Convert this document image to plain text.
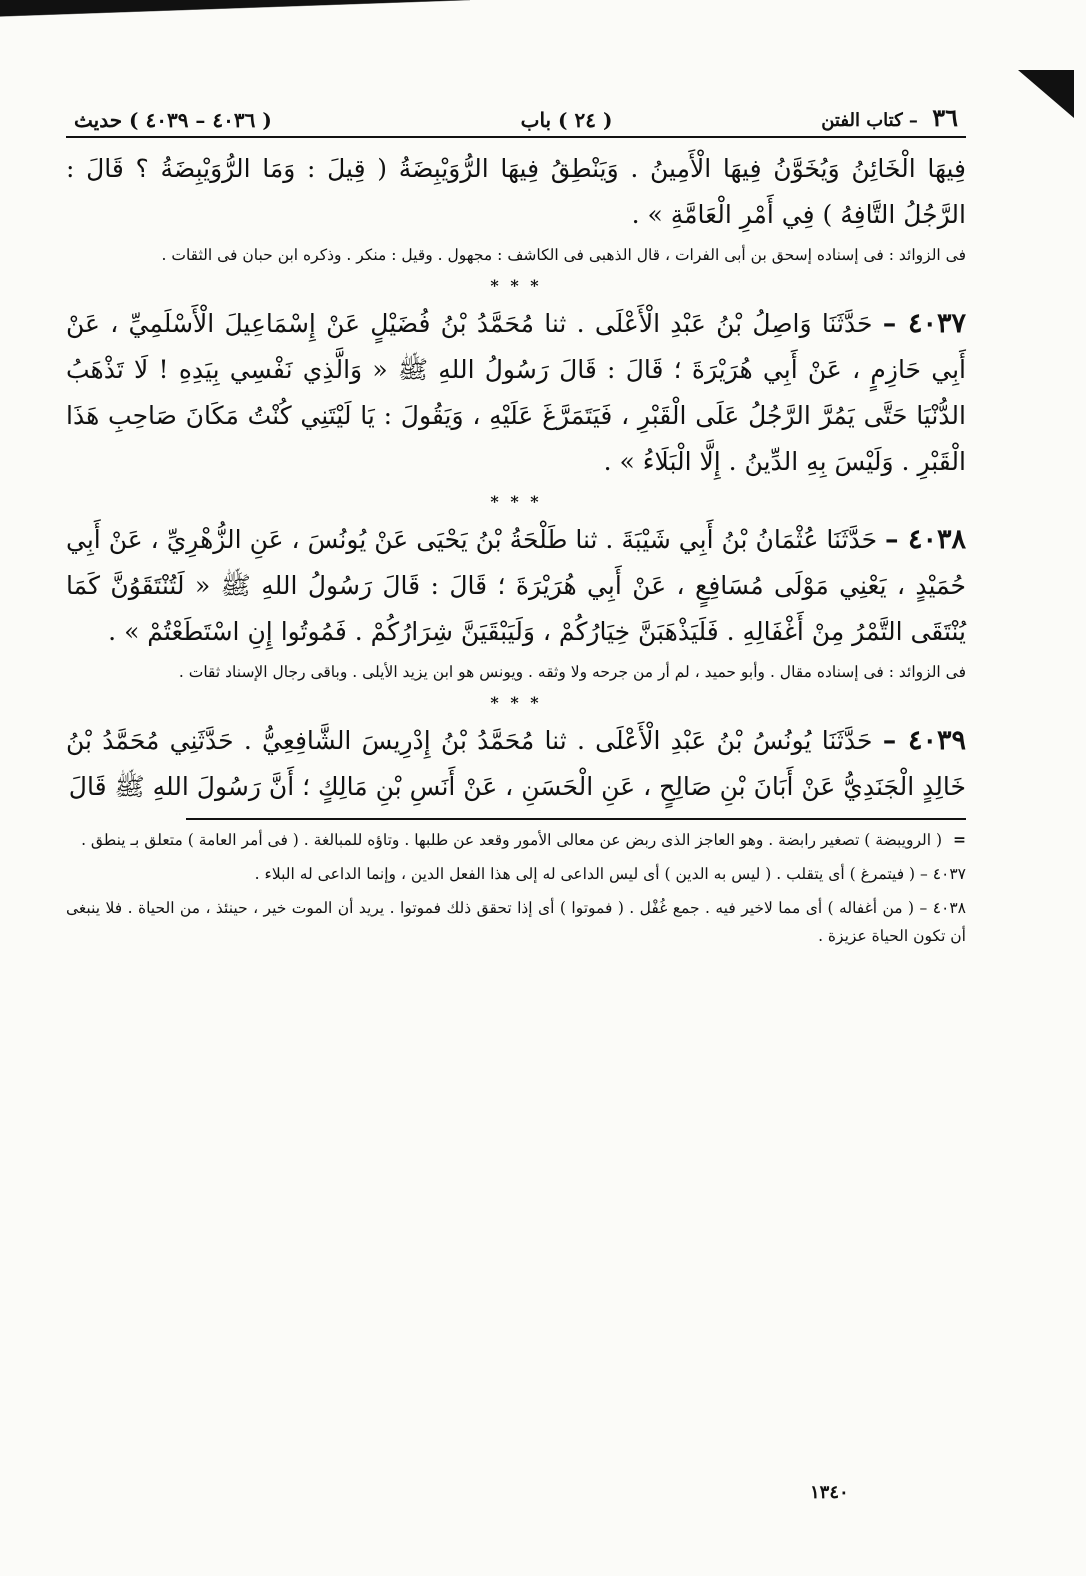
٣٦ – كتاب الفتن
( ٢٤ ) باب
( ٤٠٣٦ – ٤٠٣٩ ) حديث

فِيهَا الْخَائِنُ وَيُخَوَّنُ فِيهَا الْأَمِينُ . وَيَنْطِقُ فِيهَا الرُّوَيْبِضَةُ ( قِيلَ : وَمَا الرُّوَيْبِضَةُ ؟ قَالَ : الرَّجُلُ التَّافِهُ ) فِي أَمْرِ الْعَامَّةِ » .

فى الزوائد : فى إسناده إسحق بن أبى الفرات ، قال الذهبى فى الكاشف : مجهول . وقيل : منكر . وذكره ابن حبان فى الثقات .

* * *

٤٠٣٧ – حَدَّثَنَا وَاصِلُ بْنُ عَبْدِ الْأَعْلَى . ثنا مُحَمَّدُ بْنُ فُضَيْلٍ عَنْ إِسْمَاعِيلَ الْأَسْلَمِيِّ ، عَنْ أَبِي حَازِمٍ ، عَنْ أَبِي هُرَيْرَةَ ؛ قَالَ : قَالَ رَسُولُ اللهِ ﷺ « وَالَّذِي نَفْسِي بِيَدِهِ ! لَا تَذْهَبُ الدُّنْيَا حَتَّى يَمُرَّ الرَّجُلُ عَلَى الْقَبْرِ ، فَيَتَمَرَّغَ عَلَيْهِ ، وَيَقُولَ : يَا لَيْتَنِي كُنْتُ مَكَانَ صَاحِبِ هَذَا الْقَبْرِ . وَلَيْسَ بِهِ الدِّينُ . إِلَّا الْبَلَاءُ » .

* * *

٤٠٣٨ – حَدَّثَنَا عُثْمَانُ بْنُ أَبِي شَيْبَةَ . ثنا طَلْحَةُ بْنُ يَحْيَى عَنْ يُونُسَ ، عَنِ الزُّهْرِيِّ ، عَنْ أَبِي حُمَيْدٍ ، يَعْنِي مَوْلَى مُسَافِعٍ ، عَنْ أَبِي هُرَيْرَةَ ؛ قَالَ : قَالَ رَسُولُ اللهِ ﷺ « لَتُنْتَقَوُنَّ كَمَا يُنْتَقَى التَّمْرُ مِنْ أَغْفَالِهِ . فَلَيَذْهَبَنَّ خِيَارُكُمْ ، وَلَيَبْقَيَنَّ شِرَارُكُمْ . فَمُوتُوا إِنِ اسْتَطَعْتُمْ » .

فى الزوائد : فى إسناده مقال . وأبو حميد ، لم أر من جرحه ولا وثقه . ويونس هو ابن يزيد الأيلى . وباقى رجال الإسناد ثقات .

* * *

٤٠٣٩ – حَدَّثَنَا يُونُسُ بْنُ عَبْدِ الْأَعْلَى . ثنا مُحَمَّدُ بْنُ إِدْرِيسَ الشَّافِعِيُّ . حَدَّثَنِي مُحَمَّدُ بْنُ خَالِدٍ الْجَنَدِيُّ عَنْ أَبَانَ بْنِ صَالِحٍ ، عَنِ الْحَسَنِ ، عَنْ أَنَسِ بْنِ مَالِكٍ ؛ أَنَّ رَسُولَ اللهِ ﷺ قَالَ

= ( الرويبضة ) تصغير رابضة . وهو العاجز الذى ربض عن معالى الأمور وقعد عن طلبها . وتاؤه للمبالغة . ( فى أمر العامة ) متعلق بـ ينطق .

٤٠٣٧ – ( فيتمرغ ) أى يتقلب . ( ليس به الدين ) أى ليس الداعى له إلى هذا الفعل الدين ، وإنما الداعى له البلاء .

٤٠٣٨ – ( من أغفاله ) أى مما لاخير فيه . جمع غُفْل . ( فموتوا ) أى إذا تحقق ذلك فموتوا . يريد أن الموت خير ، حينئذ ، من الحياة . فلا ينبغى أن تكون الحياة عزيزة .

١٣٤٠
